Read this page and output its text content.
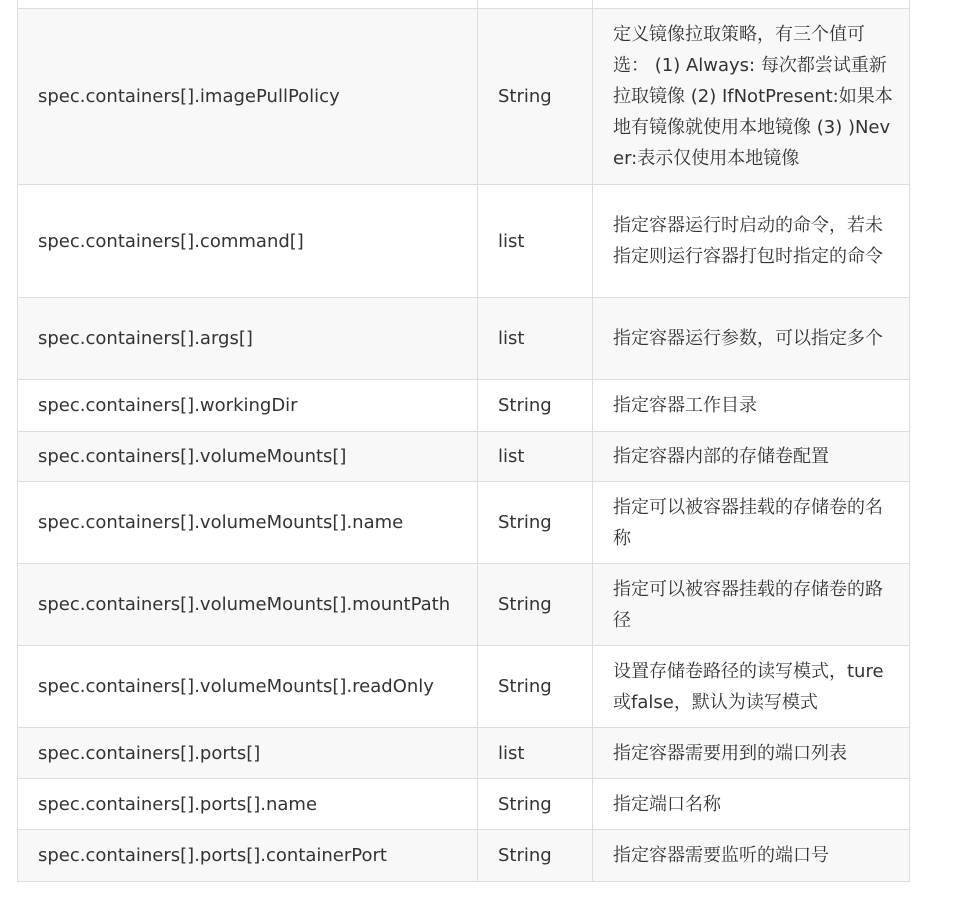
spec.containers[].imagePullPolicy	String	定义镜像拉取策略，有三个值可选： (1) Always: 每次都尝试重新拉取镜像 (2) IfNotPresent:如果本地有镜像就使用本地镜像 (3) )Never:表示仅使用本地镜像
spec.containers[].command[]	list	指定容器运行时启动的命令，若未指定则运行容器打包时指定的命令
spec.containers[].args[]	list	指定容器运行参数，可以指定多个
spec.containers[].workingDir	String	指定容器工作目录
spec.containers[].volumeMounts[]	list	指定容器内部的存储卷配置
spec.containers[].volumeMounts[].name	String	指定可以被容器挂载的存储卷的名称
spec.containers[].volumeMounts[].mountPath	String	指定可以被容器挂载的存储卷的路径
spec.containers[].volumeMounts[].readOnly	String	设置存储卷路径的读写模式，ture或false，默认为读写模式
spec.containers[].ports[]	list	指定容器需要用到的端口列表
spec.containers[].ports[].name	String	指定端口名称
spec.containers[].ports[].containerPort	String	指定容器需要监听的端口号
